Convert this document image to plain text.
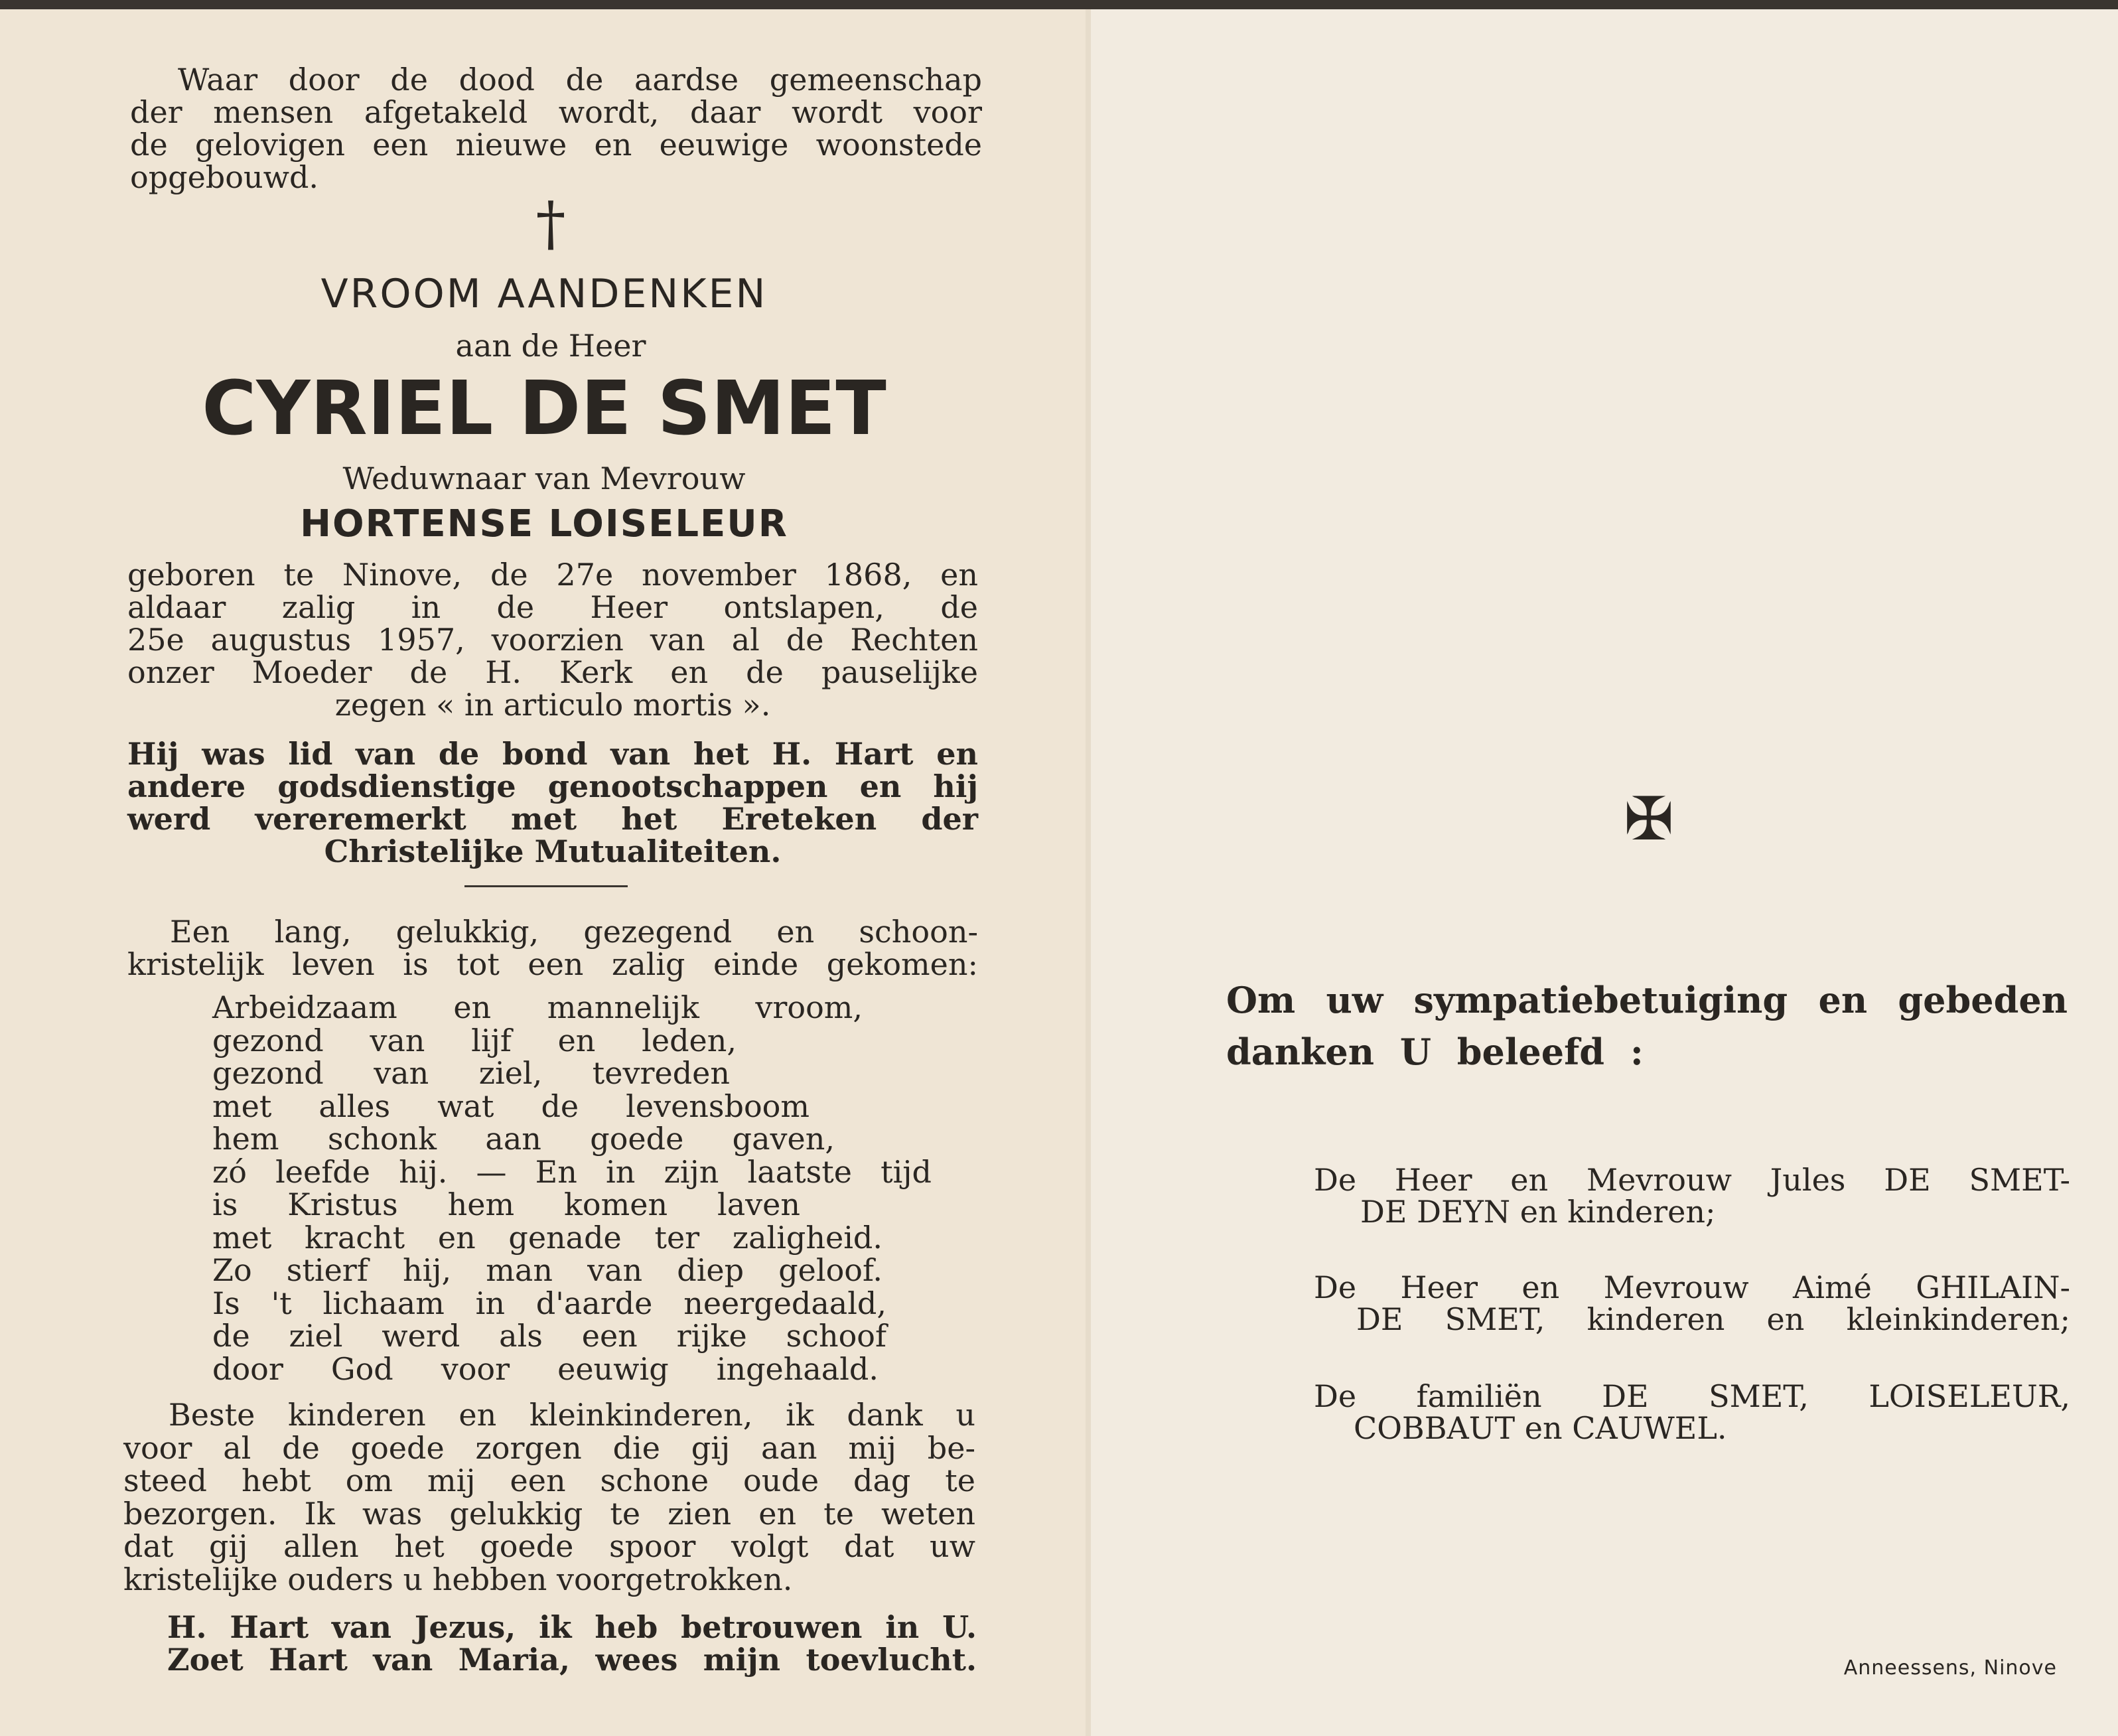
Waar door de dood de aardse gemeenschap
der mensen afgetakeld wordt, daar wordt voor
de gelovigen een nieuwe en eeuwige woonstede
opgebouwd.
†
VROOM AANDENKEN
aan de Heer
CYRIEL DE SMET
Weduwnaar van Mevrouw
HORTENSE LOISELEUR
geboren te Ninove, de 27e november 1868, en
aldaar zalig in de Heer ontslapen, de
25e augustus 1957, voorzien van al de Rechten
onzer Moeder de H. Kerk en de pauselijke
zegen « in articulo mortis ».
Hij was lid van de bond van het H. Hart en
andere godsdienstige genootschappen en hij
werd vereremerkt met het Ereteken der
Christelijke Mutualiteiten.
Een lang, gelukkig, gezegend en schoon-
kristelijk leven is tot een zalig einde gekomen:
Arbeidzaam en mannelijk vroom,
gezond van lijf en leden,
gezond van ziel, tevreden
met alles wat de levensboom
hem schonk aan goede gaven,
zó leefde hij. — En in zijn laatste tijd
is Kristus hem komen laven
met kracht en genade ter zaligheid.
Zo stierf hij, man van diep geloof.
Is 't lichaam in d'aarde neergedaald,
de ziel werd als een rijke schoof
door God voor eeuwig ingehaald.
Beste kinderen en kleinkinderen, ik dank u
voor al de goede zorgen die gij aan mij be-
steed hebt om mij een schone oude dag te
bezorgen. Ik was gelukkig te zien en te weten
dat gij allen het goede spoor volgt dat uw
kristelijke ouders u hebben voorgetrokken.
H. Hart van Jezus, ik heb betrouwen in U.
Zoet Hart van Maria, wees mijn toevlucht.
✠
Om uw sympatiebetuiging en gebeden
danken U beleefd :
De Heer en Mevrouw Jules DE SMET-
DE DEYN en kinderen;
De Heer en Mevrouw Aimé GHILAIN-
DE SMET, kinderen en kleinkinderen;
De familiën DE SMET, LOISELEUR,
COBBAUT en CAUWEL.
Anneessens, Ninove
